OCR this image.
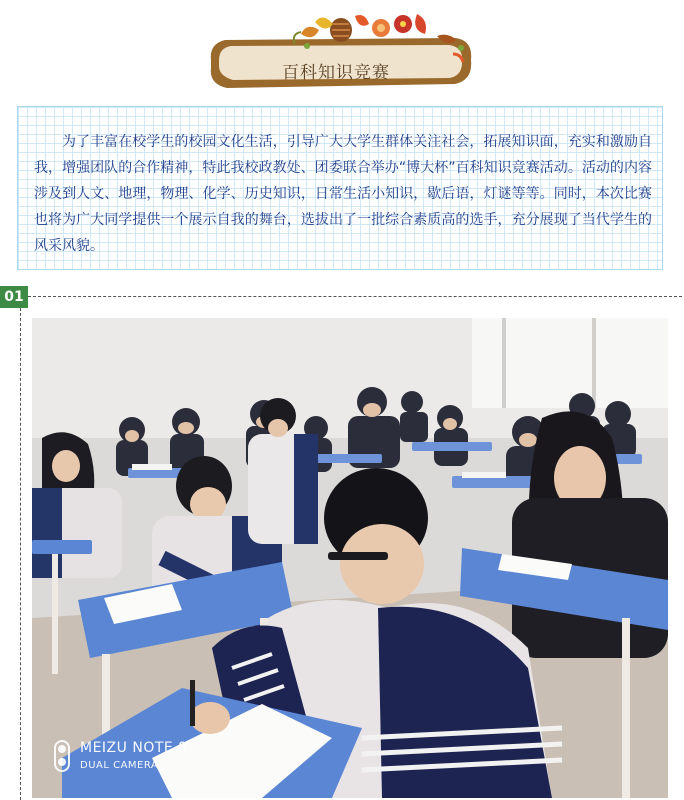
百科知识竞赛

为了丰富在校学生的校园文化生活，引导广大大学生群体关注社会，拓展知识面，充实和激励自我，增强团队的合作精神，特此我校政教处、团委联合举办“博大杯”百科知识竞赛活动。活动的内容涉及到人文、地理，物理、化学、历史知识，日常生活小知识，歇后语，灯谜等等。同时，本次比赛也将为广大同学提供一个展示自我的舞台，选拔出了一批综合素质高的选手，充分展现了当代学生的风采风貌。

01
MEIZU NOTE 8
DUAL CAMERA
